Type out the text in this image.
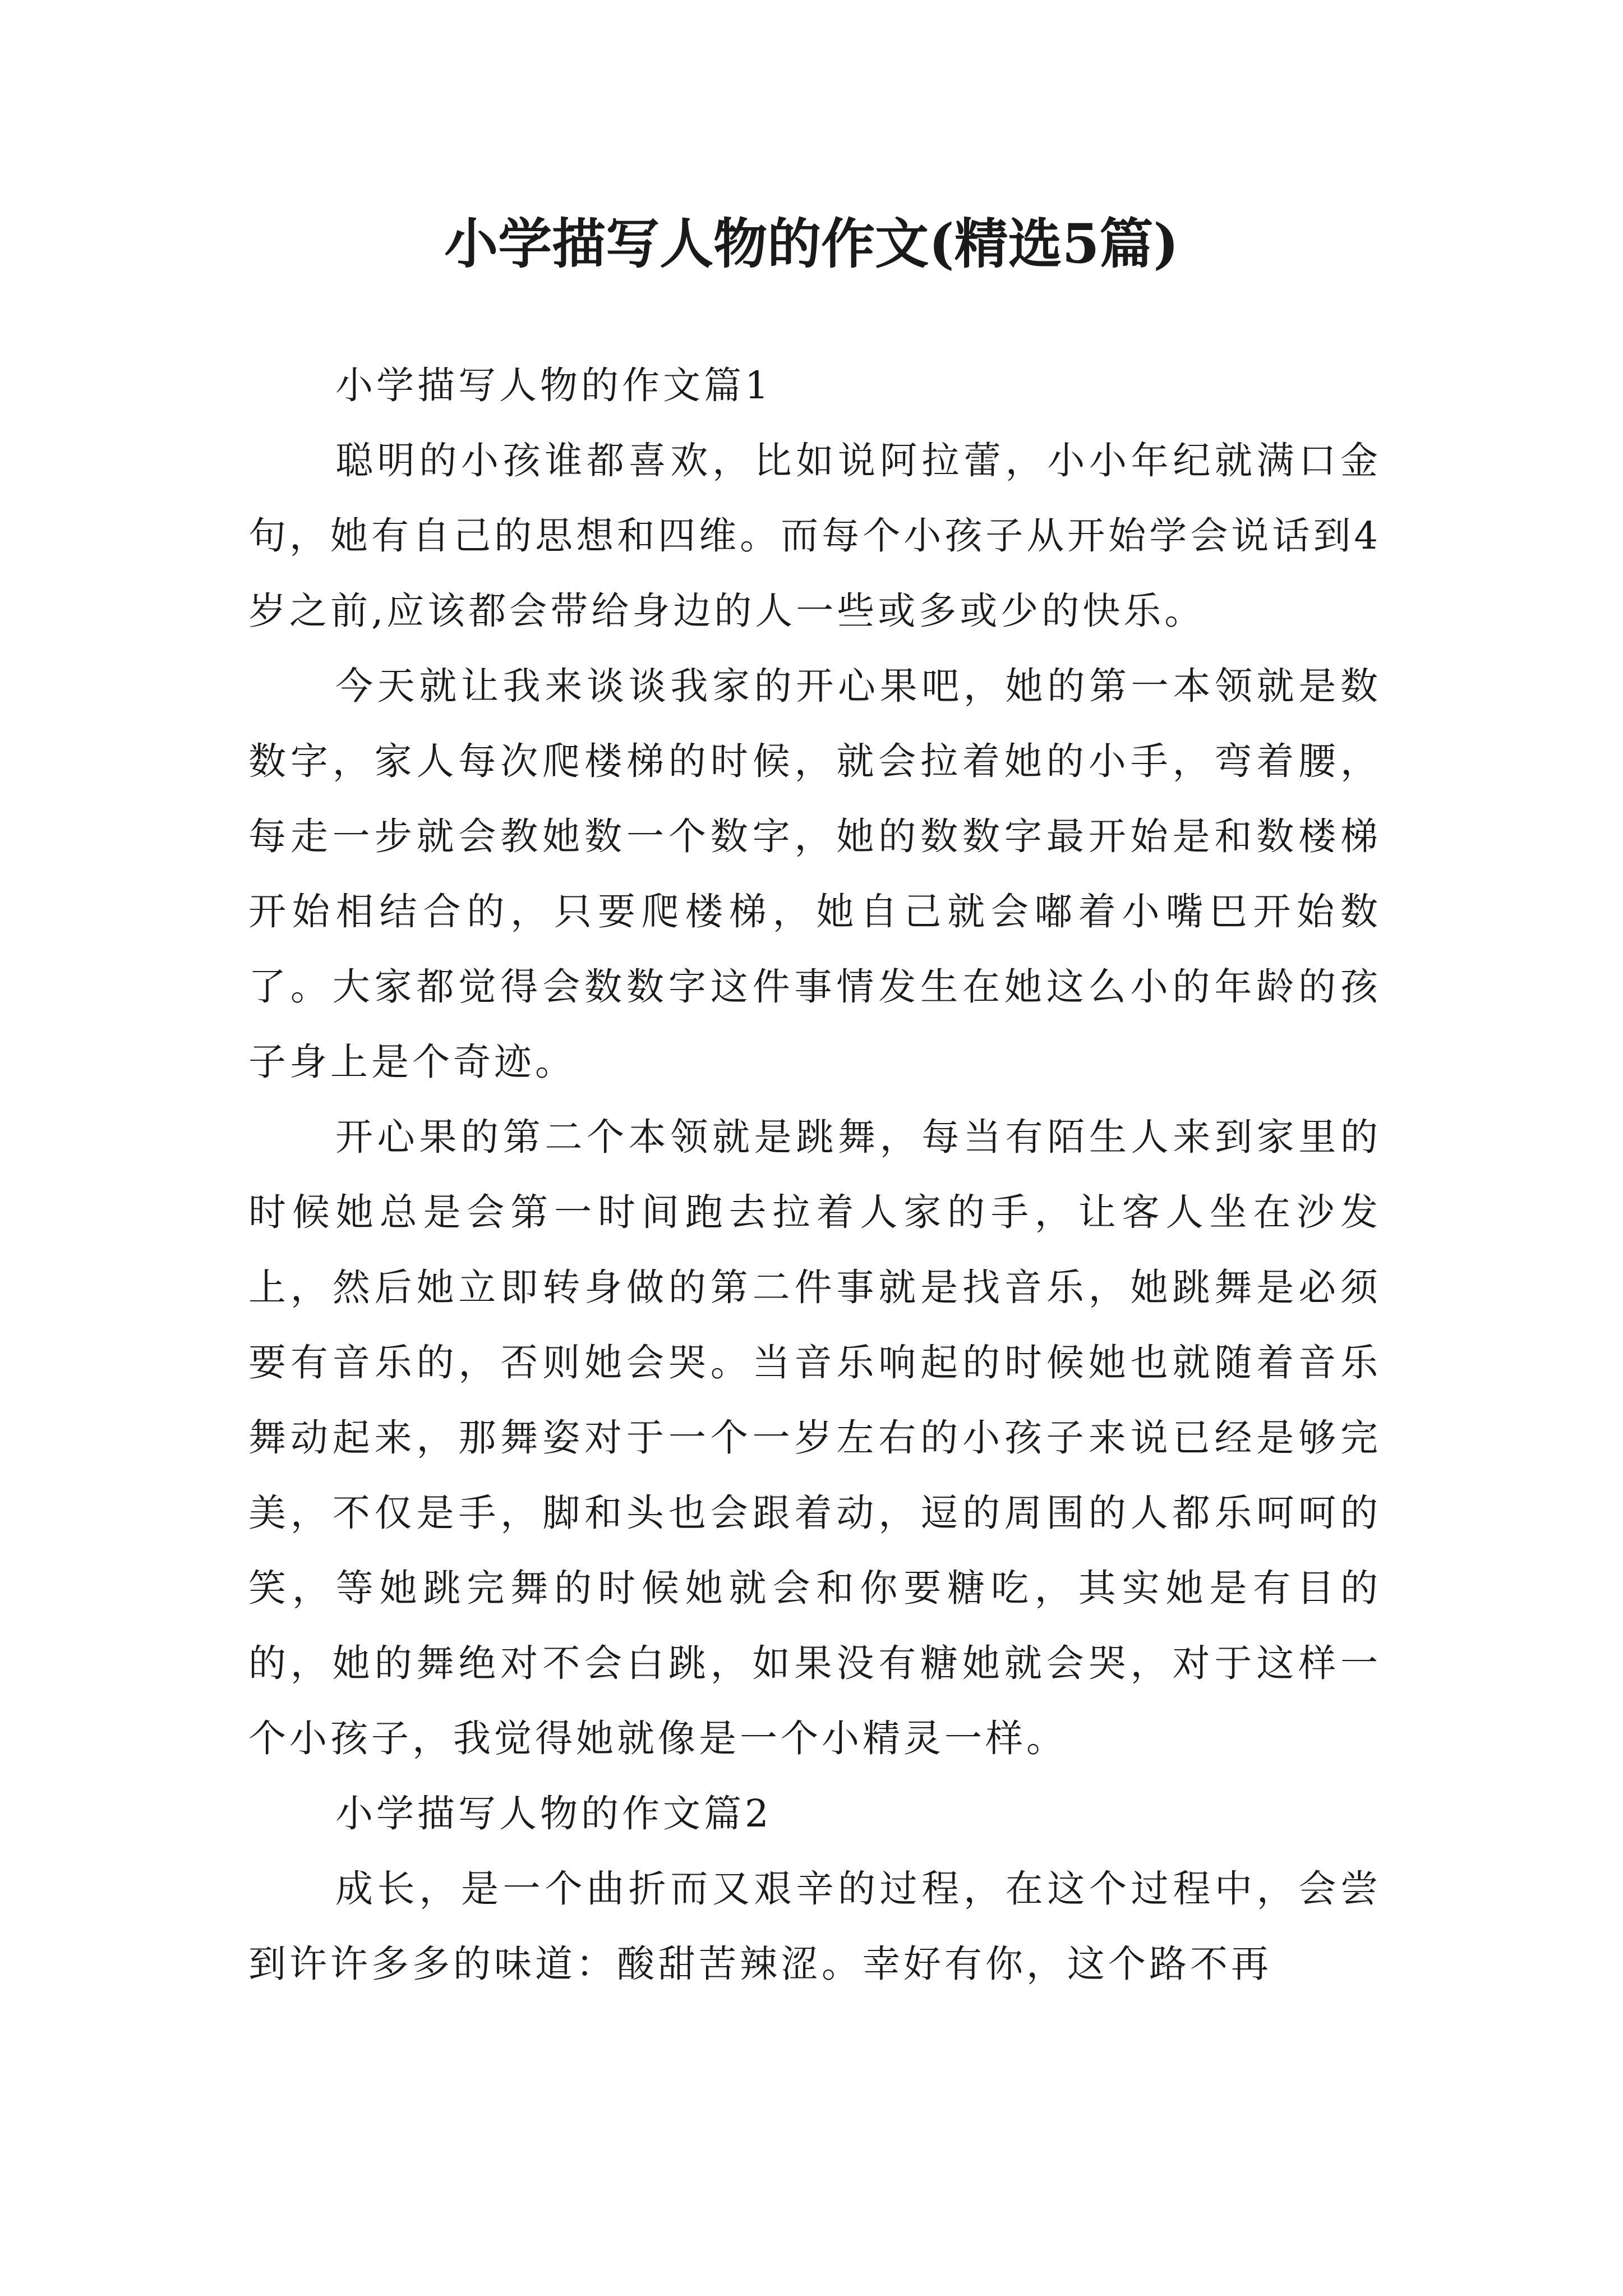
小学描写人物的作文(精选5篇)

小学描写人物的作文篇1

聪明的小孩谁都喜欢，比如说阿拉蕾，小小年纪就满口金句，她有自己的思想和四维。而每个小孩子从开始学会说话到4岁之前,应该都会带给身边的人一些或多或少的快乐。

今天就让我来谈谈我家的开心果吧，她的第一本领就是数数字，家人每次爬楼梯的时候，就会拉着她的小手，弯着腰，每走一步就会教她数一个数字，她的数数字最开始是和数楼梯开始相结合的，只要爬楼梯，她自己就会嘟着小嘴巴开始数了。大家都觉得会数数字这件事情发生在她这么小的年龄的孩子身上是个奇迹。

开心果的第二个本领就是跳舞，每当有陌生人来到家里的时候她总是会第一时间跑去拉着人家的手，让客人坐在沙发上，然后她立即转身做的第二件事就是找音乐，她跳舞是必须要有音乐的，否则她会哭。当音乐响起的时候她也就随着音乐舞动起来，那舞姿对于一个一岁左右的小孩子来说已经是够完美，不仅是手，脚和头也会跟着动，逗的周围的人都乐呵呵的笑，等她跳完舞的时候她就会和你要糖吃，其实她是有目的的，她的舞绝对不会白跳，如果没有糖她就会哭，对于这样一个小孩子，我觉得她就像是一个小精灵一样。

小学描写人物的作文篇2

成长，是一个曲折而又艰辛的过程，在这个过程中，会尝到许许多多的味道：酸甜苦辣涩。幸好有你，这个路不再
